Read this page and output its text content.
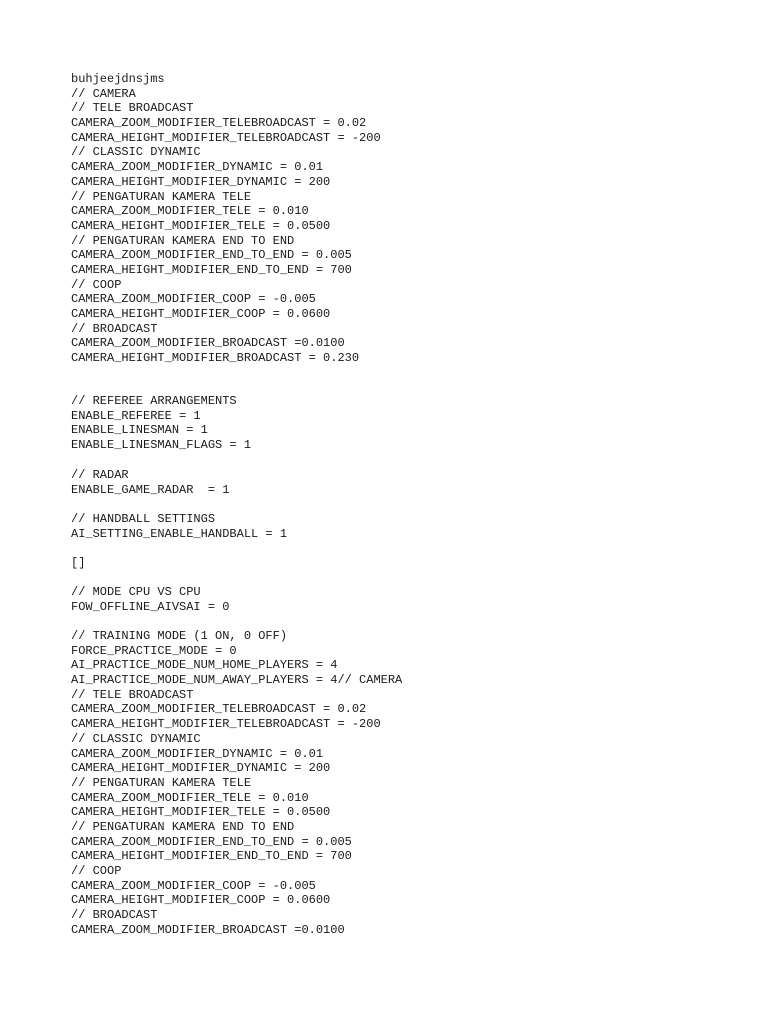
buhjeejdnsjms
// CAMERA
// TELE BROADCAST
CAMERA_ZOOM_MODIFIER_TELEBROADCAST = 0.02
CAMERA_HEIGHT_MODIFIER_TELEBROADCAST = -200
// CLASSIC DYNAMIC
CAMERA_ZOOM_MODIFIER_DYNAMIC = 0.01
CAMERA_HEIGHT_MODIFIER_DYNAMIC = 200
// PENGATURAN KAMERA TELE
CAMERA_ZOOM_MODIFIER_TELE = 0.010
CAMERA_HEIGHT_MODIFIER_TELE = 0.0500
// PENGATURAN KAMERA END TO END
CAMERA_ZOOM_MODIFIER_END_TO_END = 0.005
CAMERA_HEIGHT_MODIFIER_END_TO_END = 700
// COOP
CAMERA_ZOOM_MODIFIER_COOP = -0.005
CAMERA_HEIGHT_MODIFIER_COOP = 0.0600
// BROADCAST
CAMERA_ZOOM_MODIFIER_BROADCAST =0.0100
CAMERA_HEIGHT_MODIFIER_BROADCAST = 0.230
// REFEREE ARRANGEMENTS
ENABLE_REFEREE = 1
ENABLE_LINESMAN = 1
ENABLE_LINESMAN_FLAGS = 1
// RADAR
ENABLE_GAME_RADAR  = 1
// HANDBALL SETTINGS
AI_SETTING_ENABLE_HANDBALL = 1
[]
// MODE CPU VS CPU
FOW_OFFLINE_AIVSAI = 0
// TRAINING MODE (1 ON, 0 OFF)
FORCE_PRACTICE_MODE = 0
AI_PRACTICE_MODE_NUM_HOME_PLAYERS = 4
AI_PRACTICE_MODE_NUM_AWAY_PLAYERS = 4// CAMERA
// TELE BROADCAST
CAMERA_ZOOM_MODIFIER_TELEBROADCAST = 0.02
CAMERA_HEIGHT_MODIFIER_TELEBROADCAST = -200
// CLASSIC DYNAMIC
CAMERA_ZOOM_MODIFIER_DYNAMIC = 0.01
CAMERA_HEIGHT_MODIFIER_DYNAMIC = 200
// PENGATURAN KAMERA TELE
CAMERA_ZOOM_MODIFIER_TELE = 0.010
CAMERA_HEIGHT_MODIFIER_TELE = 0.0500
// PENGATURAN KAMERA END TO END
CAMERA_ZOOM_MODIFIER_END_TO_END = 0.005
CAMERA_HEIGHT_MODIFIER_END_TO_END = 700
// COOP
CAMERA_ZOOM_MODIFIER_COOP = -0.005
CAMERA_HEIGHT_MODIFIER_COOP = 0.0600
// BROADCAST
CAMERA_ZOOM_MODIFIER_BROADCAST =0.0100
